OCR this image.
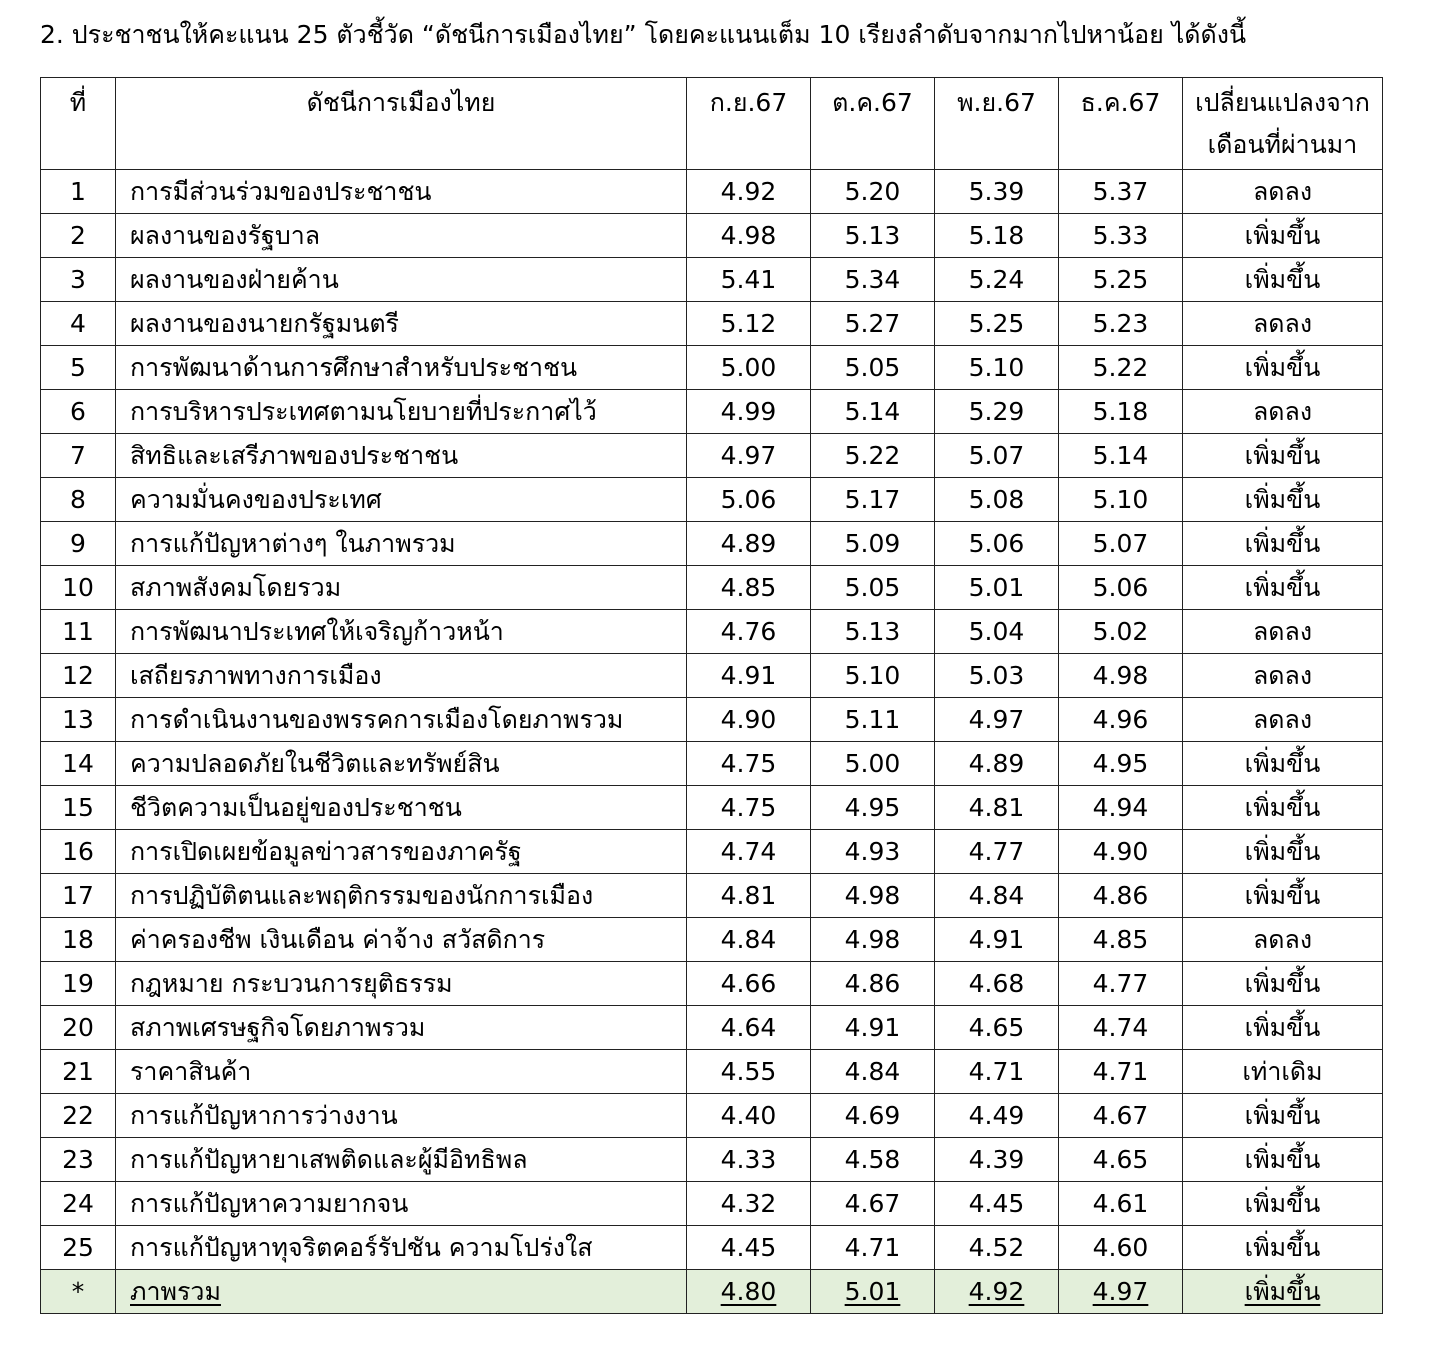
2. ประชาชนให้คะแนน 25 ตัวชี้วัด “ดัชนีการเมืองไทย” โดยคะแนนเต็ม 10 เรียงลำดับจากมากไปหาน้อย ได้ดังนี้
ที่	ดัชนีการเมืองไทย	ก.ย.67	ต.ค.67	พ.ย.67	ธ.ค.67	เปลี่ยนแปลงจากเดือนที่ผ่านมา
1	การมีส่วนร่วมของประชาชน	4.92	5.20	5.39	5.37	ลดลง
2	ผลงานของรัฐบาล	4.98	5.13	5.18	5.33	เพิ่มขึ้น
3	ผลงานของฝ่ายค้าน	5.41	5.34	5.24	5.25	เพิ่มขึ้น
4	ผลงานของนายกรัฐมนตรี	5.12	5.27	5.25	5.23	ลดลง
5	การพัฒนาด้านการศึกษาสำหรับประชาชน	5.00	5.05	5.10	5.22	เพิ่มขึ้น
6	การบริหารประเทศตามนโยบายที่ประกาศไว้	4.99	5.14	5.29	5.18	ลดลง
7	สิทธิและเสรีภาพของประชาชน	4.97	5.22	5.07	5.14	เพิ่มขึ้น
8	ความมั่นคงของประเทศ	5.06	5.17	5.08	5.10	เพิ่มขึ้น
9	การแก้ปัญหาต่างๆ ในภาพรวม	4.89	5.09	5.06	5.07	เพิ่มขึ้น
10	สภาพสังคมโดยรวม	4.85	5.05	5.01	5.06	เพิ่มขึ้น
11	การพัฒนาประเทศให้เจริญก้าวหน้า	4.76	5.13	5.04	5.02	ลดลง
12	เสถียรภาพทางการเมือง	4.91	5.10	5.03	4.98	ลดลง
13	การดำเนินงานของพรรคการเมืองโดยภาพรวม	4.90	5.11	4.97	4.96	ลดลง
14	ความปลอดภัยในชีวิตและทรัพย์สิน	4.75	5.00	4.89	4.95	เพิ่มขึ้น
15	ชีวิตความเป็นอยู่ของประชาชน	4.75	4.95	4.81	4.94	เพิ่มขึ้น
16	การเปิดเผยข้อมูลข่าวสารของภาครัฐ	4.74	4.93	4.77	4.90	เพิ่มขึ้น
17	การปฏิบัติตนและพฤติกรรมของนักการเมือง	4.81	4.98	4.84	4.86	เพิ่มขึ้น
18	ค่าครองชีพ เงินเดือน ค่าจ้าง สวัสดิการ	4.84	4.98	4.91	4.85	ลดลง
19	กฎหมาย กระบวนการยุติธรรม	4.66	4.86	4.68	4.77	เพิ่มขึ้น
20	สภาพเศรษฐกิจโดยภาพรวม	4.64	4.91	4.65	4.74	เพิ่มขึ้น
21	ราคาสินค้า	4.55	4.84	4.71	4.71	เท่าเดิม
22	การแก้ปัญหาการว่างงาน	4.40	4.69	4.49	4.67	เพิ่มขึ้น
23	การแก้ปัญหายาเสพติดและผู้มีอิทธิพล	4.33	4.58	4.39	4.65	เพิ่มขึ้น
24	การแก้ปัญหาความยากจน	4.32	4.67	4.45	4.61	เพิ่มขึ้น
25	การแก้ปัญหาทุจริตคอร์รัปชัน ความโปร่งใส	4.45	4.71	4.52	4.60	เพิ่มขึ้น
*	ภาพรวม	4.80	5.01	4.92	4.97	เพิ่มขึ้น
